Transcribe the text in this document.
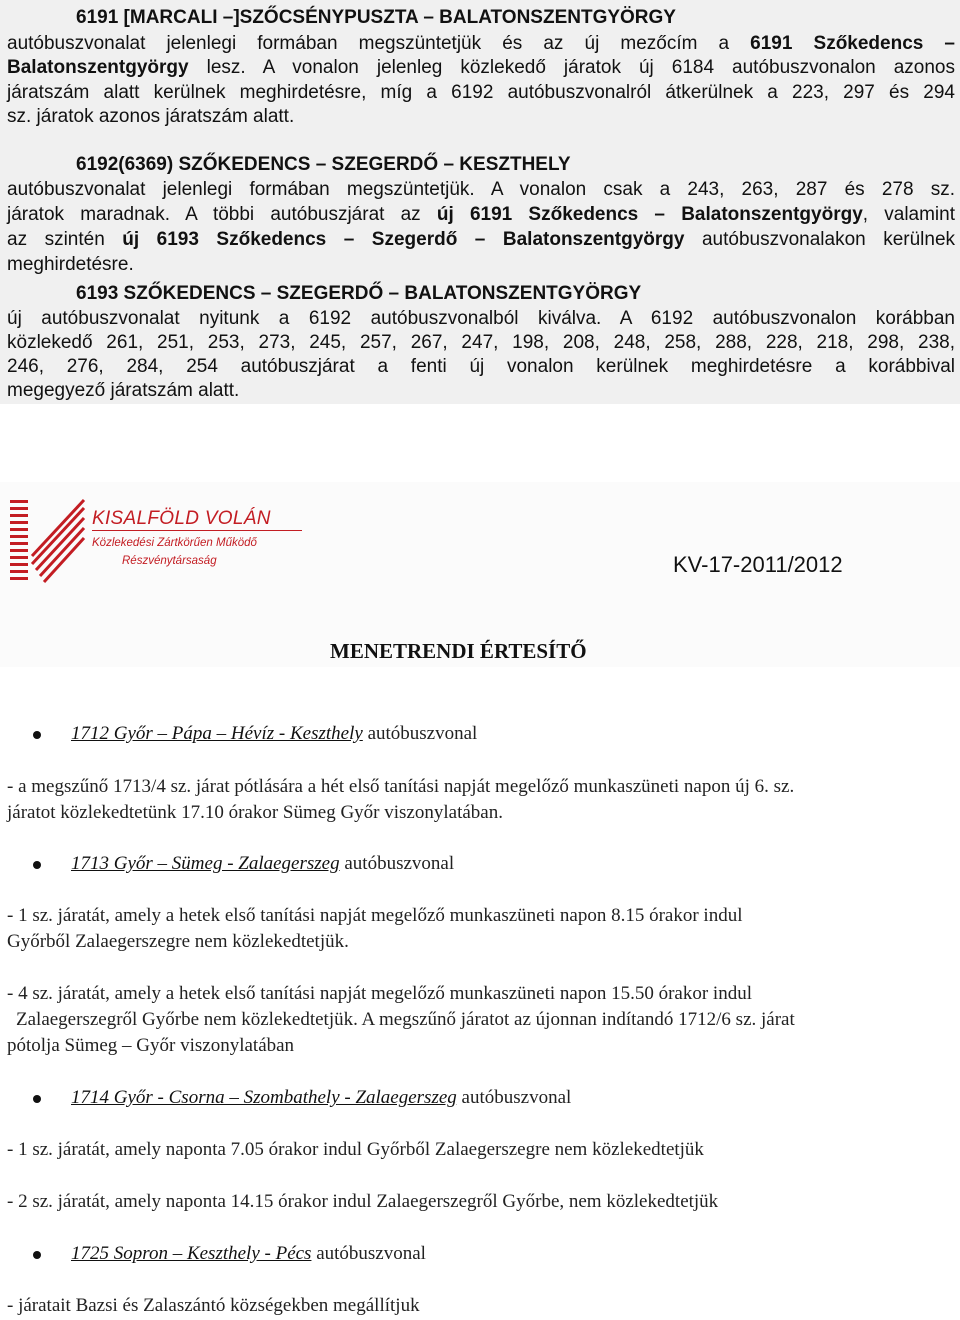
6191 [MARCALI –]SZŐCSÉNYPUSZTA – BALATONSZENTGYÖRGY
autóbuszvonalat jelenlegi formában megszüntetjük és az új mezőcím a 6191 Szőkedencs –
Balatonszentgyörgy lesz. A vonalon jelenleg közlekedő járatok új 6184 autóbuszvonalon azonos
járatszám alatt kerülnek meghirdetésre, míg a 6192 autóbuszvonalról átkerülnek a 223, 297 és 294
sz. járatok azonos járatszám alatt.
6192(6369) SZŐKEDENCS – SZEGERDŐ – KESZTHELY
autóbuszvonalat jelenlegi formában megszüntetjük. A vonalon csak a 243, 263, 287 és 278 sz.
járatok maradnak. A többi autóbuszjárat az új 6191 Szőkedencs – Balatonszentgyörgy, valamint
az szintén új 6193 Szőkedencs – Szegerdő – Balatonszentgyörgy autóbuszvonalakon kerülnek
meghirdetésre.
6193 SZŐKEDENCS – SZEGERDŐ – BALATONSZENTGYÖRGY
új autóbuszvonalat nyitunk a 6192 autóbuszvonalból kiválva. A 6192 autóbuszvonalon korábban
közlekedő 261, 251, 253, 273, 245, 257, 267, 247, 198, 208, 248, 258, 288, 228, 218, 298, 238,
246, 276, 284, 254 autóbuszjárat a fenti új vonalon kerülnek meghirdetésre a korábbival
megegyező járatszám alatt.
KISALFÖLD VOLÁN
Közlekedési Zártkörűen Működő
Részvénytársaság	KV-17-2011/2012
MENETRENDI ÉRTESÍTŐ
1712 Győr – Pápa – Hévíz - Keszthely autóbuszvonal
- a megszűnő 1713/4 sz. járat pótlására a hét első tanítási napját megelőző munkaszüneti napon új 6. sz.
járatot közlekedtetünk 17.10 órakor Sümeg Győr viszonylatában.
1713 Győr – Sümeg - Zalaegerszeg autóbuszvonal
- 1 sz. járatát, amely a hetek első tanítási napját megelőző munkaszüneti napon 8.15 órakor indul
Győrből Zalaegerszegre nem közlekedtetjük.
- 4 sz. járatát, amely a hetek első tanítási napját megelőző munkaszüneti napon 15.50 órakor indul
Zalaegerszegről Győrbe nem közlekedtetjük. A megszűnő járatot az újonnan indítandó 1712/6 sz. járat
pótolja Sümeg – Győr viszonylatában
1714 Győr - Csorna – Szombathely - Zalaegerszeg autóbuszvonal
- 1 sz. járatát, amely naponta 7.05 órakor indul Győrből Zalaegerszegre nem közlekedtetjük
- 2 sz. járatát, amely naponta 14.15 órakor indul Zalaegerszegről Győrbe, nem közlekedtetjük
1725 Sopron – Keszthely - Pécs autóbuszvonal
- járatait Bazsi és Zalaszántó községekben megállítjuk
